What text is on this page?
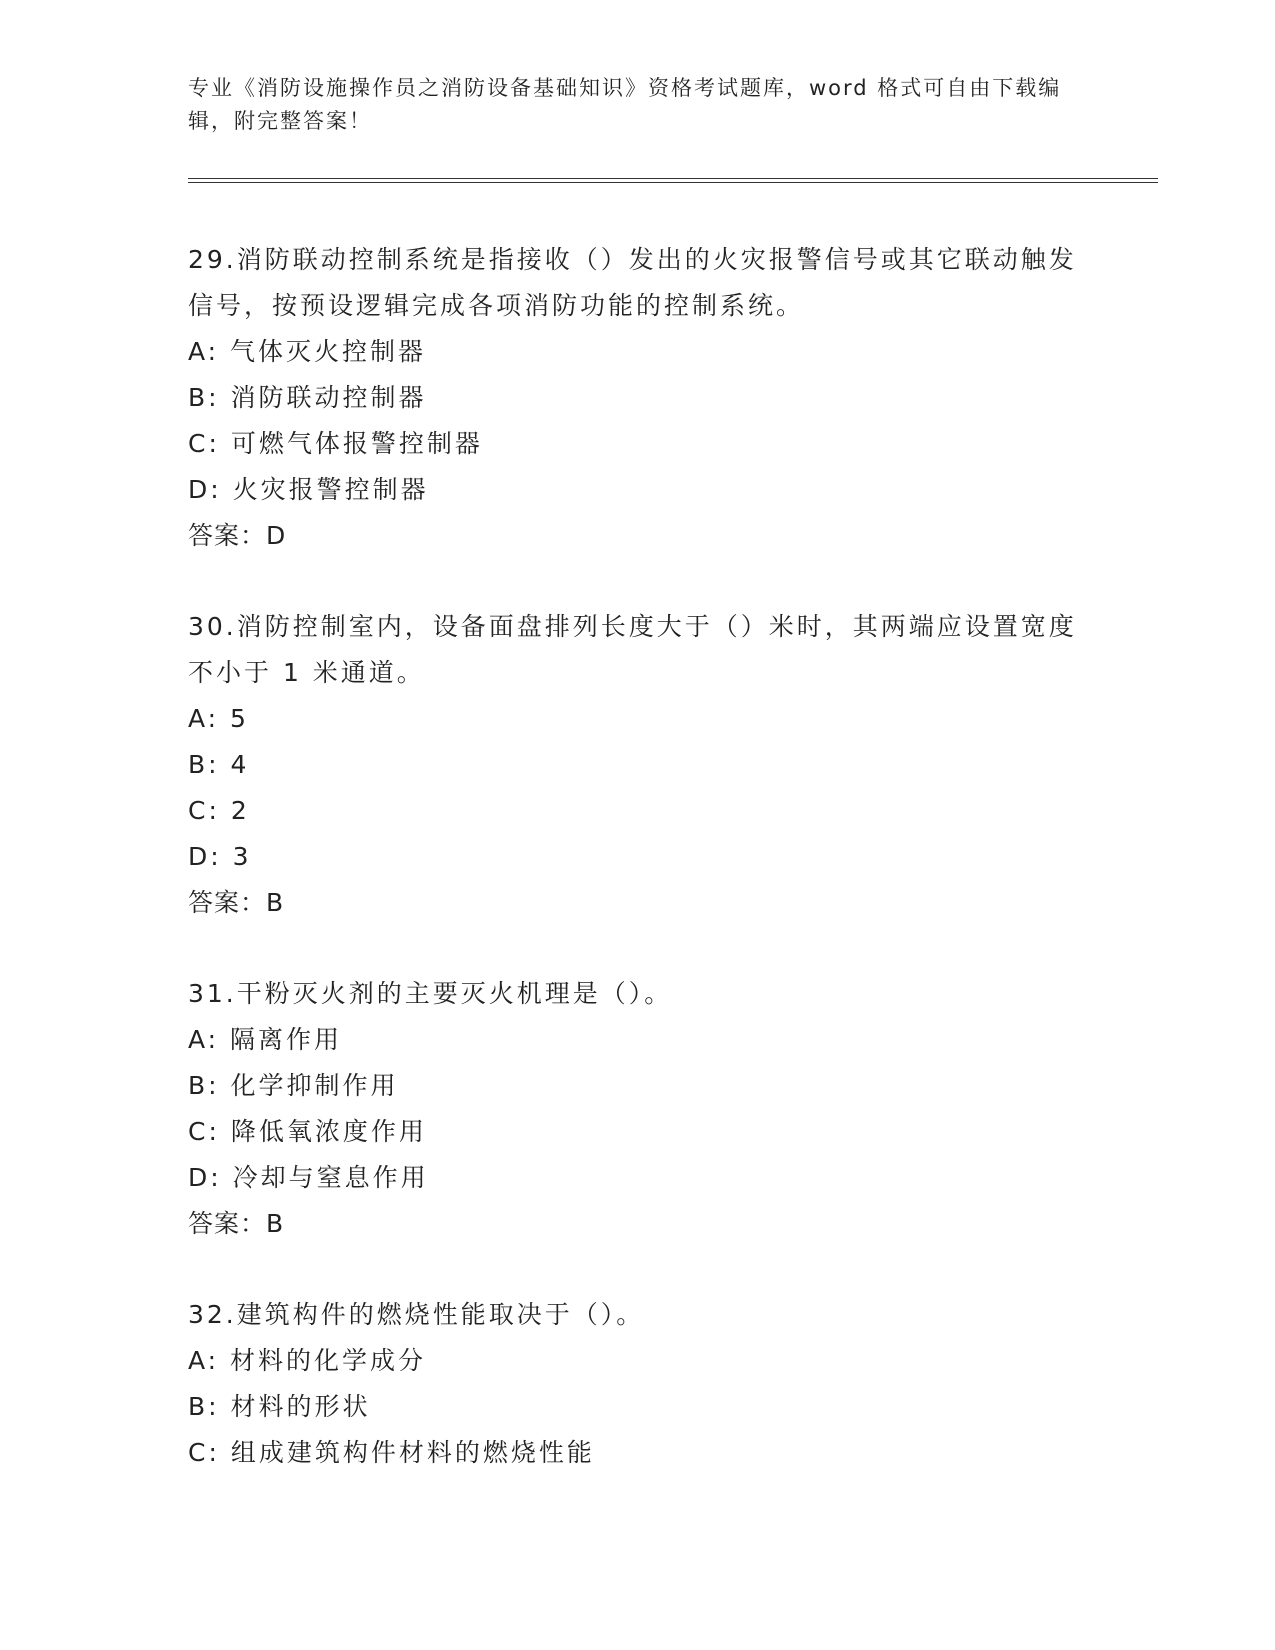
专业《消防设施操作员之消防设备基础知识》资格考试题库，word 格式可自由下载编辑，附完整答案！
29.消防联动控制系统是指接收（）发出的火灾报警信号或其它联动触发信号，按预设逻辑完成各项消防功能的控制系统。
A: 气体灭火控制器
B: 消防联动控制器
C: 可燃气体报警控制器
D: 火灾报警控制器
答案：D
30.消防控制室内，设备面盘排列长度大于（）米时，其两端应设置宽度不小于 1 米通道。
A: 5
B: 4
C: 2
D: 3
答案：B
31.干粉灭火剂的主要灭火机理是（）。
A: 隔离作用
B: 化学抑制作用
C: 降低氧浓度作用
D: 冷却与窒息作用
答案：B
32.建筑构件的燃烧性能取决于（）。
A: 材料的化学成分
B: 材料的形状
C: 组成建筑构件材料的燃烧性能
